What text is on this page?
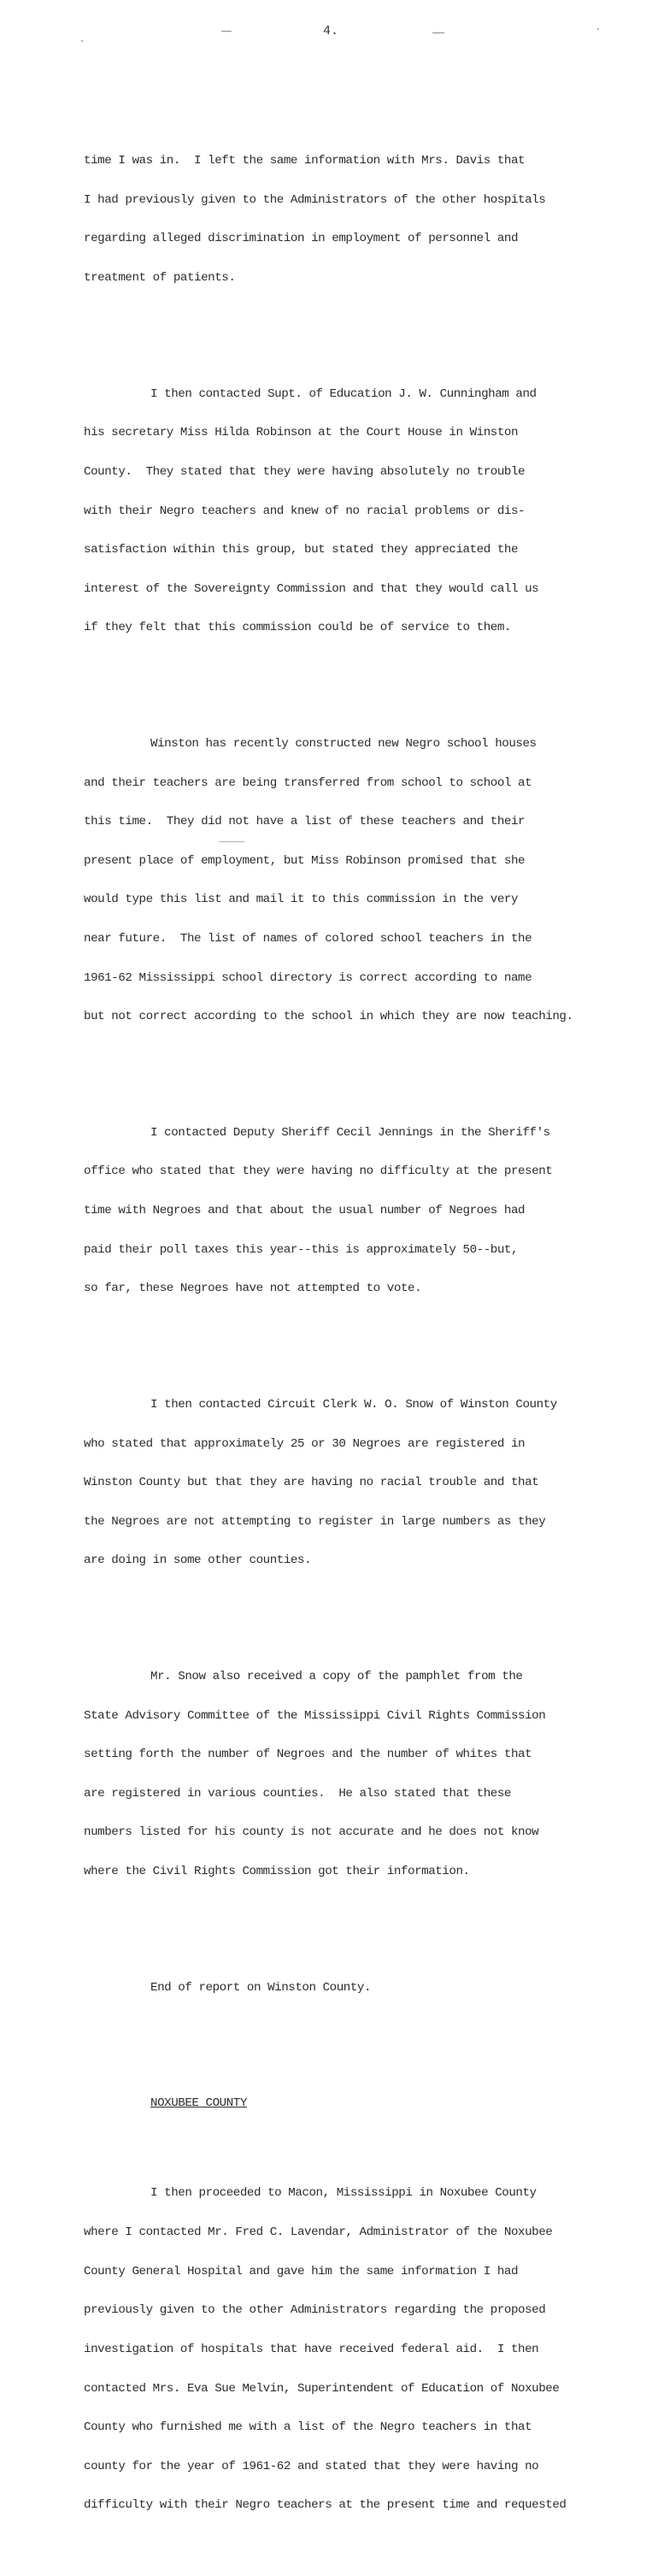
4.

time I was in.  I left the same information with Mrs. Davis that

I had previously given to the Administrators of the other hospitals

regarding alleged discrimination in employment of personnel and

treatment of patients.

I then contacted Supt. of Education J. W. Cunningham and

his secretary Miss Hilda Robinson at the Court House in Winston

County.  They stated that they were having absolutely no trouble

with their Negro teachers and knew of no racial problems or dis-

satisfaction within this group, but stated they appreciated the

interest of the Sovereignty Commission and that they would call us

if they felt that this commission could be of service to them.

Winston has recently constructed new Negro school houses

and their teachers are being transferred from school to school at

this time.  They did not have a list of these teachers and their

present place of employment, but Miss Robinson promised that she

would type this list and mail it to this commission in the very

near future.  The list of names of colored school teachers in the

1961-62 Mississippi school directory is correct according to name

but not correct according to the school in which they are now teaching.

I contacted Deputy Sheriff Cecil Jennings in the Sheriff's

office who stated that they were having no difficulty at the present

time with Negroes and that about the usual number of Negroes had

paid their poll taxes this year--this is approximately 50--but,

so far, these Negroes have not attempted to vote.

I then contacted Circuit Clerk W. O. Snow of Winston County

who stated that approximately 25 or 30 Negroes are registered in

Winston County but that they are having no racial trouble and that

the Negroes are not attempting to register in large numbers as they

are doing in some other counties.

Mr. Snow also received a copy of the pamphlet from the

State Advisory Committee of the Mississippi Civil Rights Commission

setting forth the number of Negroes and the number of whites that

are registered in various counties.  He also stated that these

numbers listed for his county is not accurate and he does not know

where the Civil Rights Commission got their information.

End of report on Winston County.

NOXUBEE COUNTY

I then proceeded to Macon, Mississippi in Noxubee County

where I contacted Mr. Fred C. Lavendar, Administrator of the Noxubee

County General Hospital and gave him the same information I had

previously given to the other Administrators regarding the proposed

investigation of hospitals that have received federal aid.  I then

contacted Mrs. Eva Sue Melvin, Superintendent of Education of Noxubee

County who furnished me with a list of the Negro teachers in that

county for the year of 1961-62 and stated that they were having no

difficulty with their Negro teachers at the present time and requested
